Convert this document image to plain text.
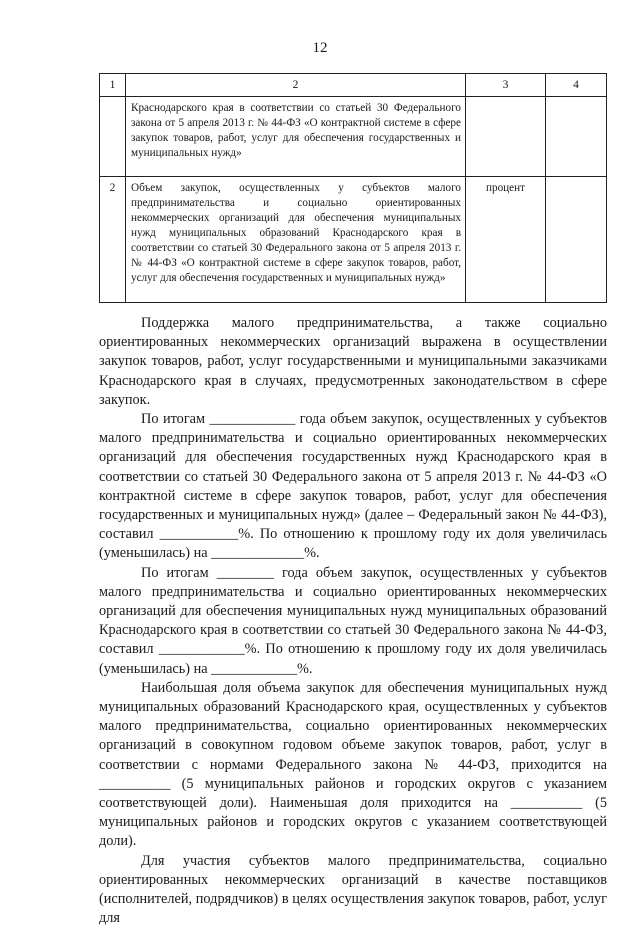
12
1	2	3	4
	Краснодарского края в соответствии со статьей 30 Федерального закона от 5 апреля 2013 г. № 44-ФЗ «О контрактной системе в сфере закупок товаров, работ, услуг для обеспечения государственных и муниципальных нужд»		
2	Объем закупок, осуществленных у субъектов малого предпринимательства и социально ориентированных некоммерческих организаций для обеспечения муниципальных нужд муниципальных образований Краснодарского края в соответствии со статьей 30 Федерального закона от 5 апреля 2013 г. № 44-ФЗ «О контрактной системе в сфере закупок товаров, работ, услуг для обеспечения государственных и муниципальных нужд»	процент	

Поддержка малого предпринимательства, а также социально ориентированных некоммерческих организаций выражена в осуществлении закупок товаров, работ, услуг государственными и муниципальными заказчиками Краснодарского края в случаях, предусмотренных законодательством в сфере закупок.

По итогам ____________ года объем закупок, осуществленных у субъектов малого предпринимательства и социально ориентированных некоммерческих организаций для обеспечения государственных нужд Краснодарского края в соответствии со статьей 30 Федерального закона от 5 апреля 2013 г. № 44-ФЗ «О контрактной системе в сфере закупок товаров, работ, услуг для обеспечения государственных и муниципальных нужд» (далее – Федеральный закон № 44-ФЗ), составил ___________%. По отношению к прошлому году их доля увеличилась (уменьшилась) на _____________%.

По итогам ________ года объем закупок, осуществленных у субъектов малого предпринимательства и социально ориентированных некоммерческих организаций для обеспечения муниципальных нужд муниципальных образований Краснодарского края в соответствии со статьей 30 Федерального закона № 44-ФЗ, составил ____________%. По отношению к прошлому году их доля увеличилась (уменьшилась) на ____________%.

Наибольшая доля объема закупок для обеспечения муниципальных нужд муниципальных образований Краснодарского края, осуществленных у субъектов малого предпринимательства, социально ориентированных некоммерческих организаций в совокупном годовом объеме закупок товаров, работ, услуг в соответствии с нормами Федерального закона № 44-ФЗ, приходится на __________ (5 муниципальных районов и городских округов с указанием соответствующей доли). Наименьшая доля приходится на __________ (5 муниципальных районов и городских округов с указанием соответствующей доли).

Для участия субъектов малого предпринимательства, социально ориентированных некоммерческих организаций в качестве поставщиков (исполнителей, подрядчиков) в целях осуществления закупок товаров, работ, услуг для
